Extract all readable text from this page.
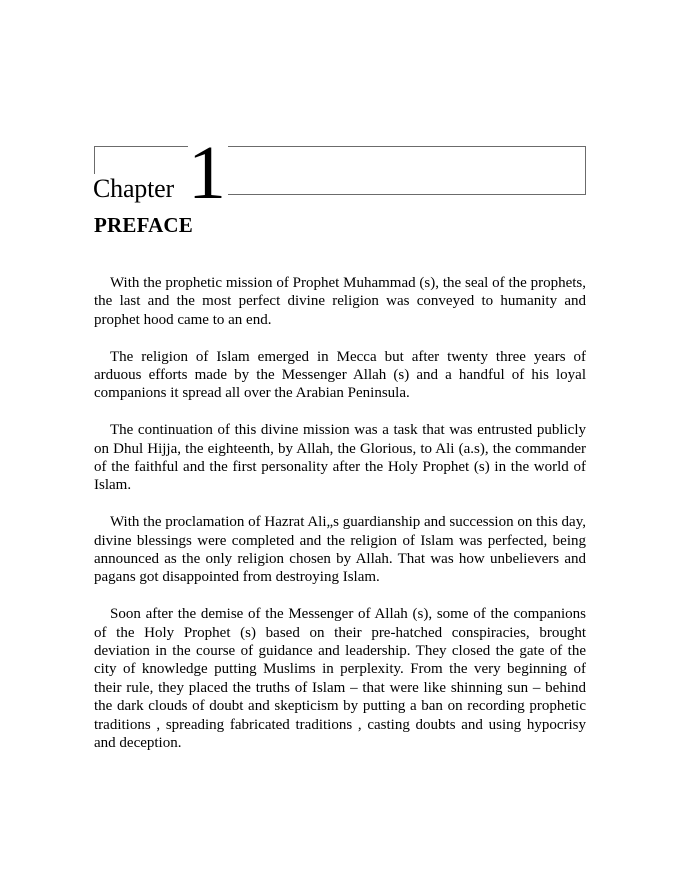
Chapter 1
PREFACE

With the prophetic mission of Prophet Muhammad (s), the seal of the prophets, the last and the most perfect divine religion was conveyed to humanity and prophet hood came to an end.

The religion of Islam emerged in Mecca but after twenty three years of arduous efforts made by the Messenger Allah (s) and a handful of his loyal companions it spread all over the Arabian Peninsula.

The continuation of this divine mission was a task that was entrusted publicly on Dhul Hijja, the eighteenth, by Allah, the Glorious, to Ali (a.s), the commander of the faithful and the first personality after the Holy Prophet (s) in the world of Islam.

With the proclamation of Hazrat Ali„s guardianship and succession on this day, divine blessings were completed and the religion of Islam was perfected, being announced as the only religion chosen by Allah. That was how unbelievers and pagans got disappointed from destroying Islam.

Soon after the demise of the Messenger of Allah (s), some of the companions of the Holy Prophet (s) based on their pre-hatched conspiracies, brought deviation in the course of guidance and leadership. They closed the gate of the city of knowledge putting Muslims in perplexity. From the very beginning of their rule, they placed the truths of Islam – that were like shinning sun – behind the dark clouds of doubt and skepticism by putting a ban on recording prophetic traditions , spreading fabricated traditions , casting doubts and using hypocrisy and deception.
